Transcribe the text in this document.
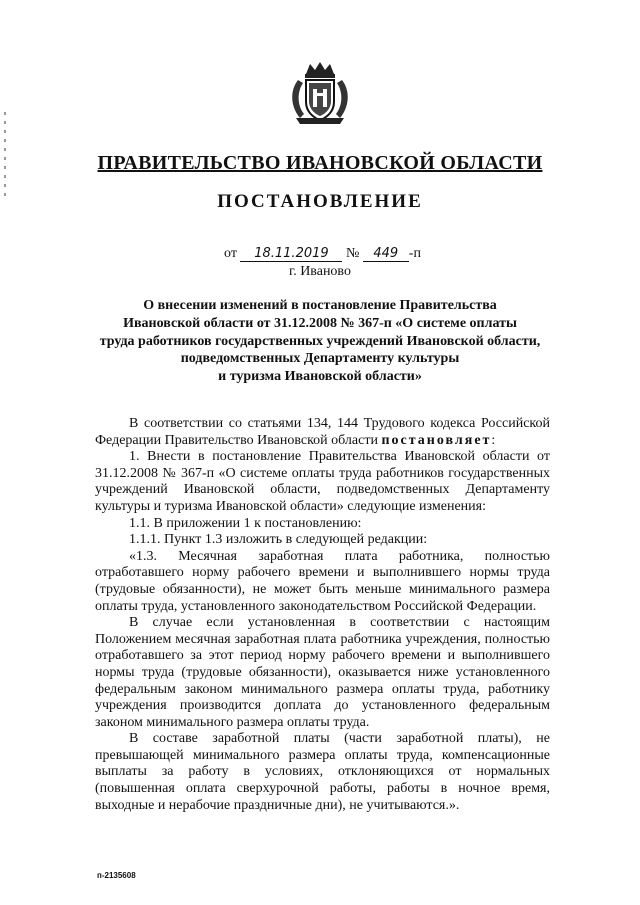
ПРАВИТЕЛЬСТВО ИВАНОВСКОЙ ОБЛАСТИ
ПОСТАНОВЛЕНИЕ
от 18.11.2019 № 449 -п
г. Иваново
О внесении изменений в постановление Правительства
Ивановской области от 31.12.2008 № 367-п «О системе оплаты
труда работников государственных учреждений Ивановской области,
подведомственных Департаменту культуры
и туризма Ивановской области»

В соответствии со статьями 134, 144 Трудового кодекса Российской Федерации Правительство Ивановской области постановляет:

1. Внести в постановление Правительства Ивановской области от 31.12.2008 № 367-п «О системе оплаты труда работников государственных учреждений Ивановской области, подведомственных Департаменту культуры и туризма Ивановской области» следующие изменения:

1.1. В приложении 1 к постановлению:

1.1.1. Пункт 1.3 изложить в следующей редакции:

«1.3. Месячная заработная плата работника, полностью отработавшего норму рабочего времени и выполнившего нормы труда (трудовые обязанности), не может быть меньше минимального размера оплаты труда, установленного законодательством Российской Федерации.

В случае если установленная в соответствии с настоящим Положением месячная заработная плата работника учреждения, полностью отработавшего за этот период норму рабочего времени и выполнившего нормы труда (трудовые обязанности), оказывается ниже установленного федеральным законом минимального размера оплаты труда, работнику учреждения производится доплата до установленного федеральным законом минимального размера оплаты труда.

В составе заработной платы (части заработной платы), не превышающей минимального размера оплаты труда, компенсационные выплаты за работу в условиях, отклоняющихся от нормальных (повышенная оплата сверхурочной работы, работы в ночное время, выходные и нерабочие праздничные дни), не учитываются.».

п-2135608
